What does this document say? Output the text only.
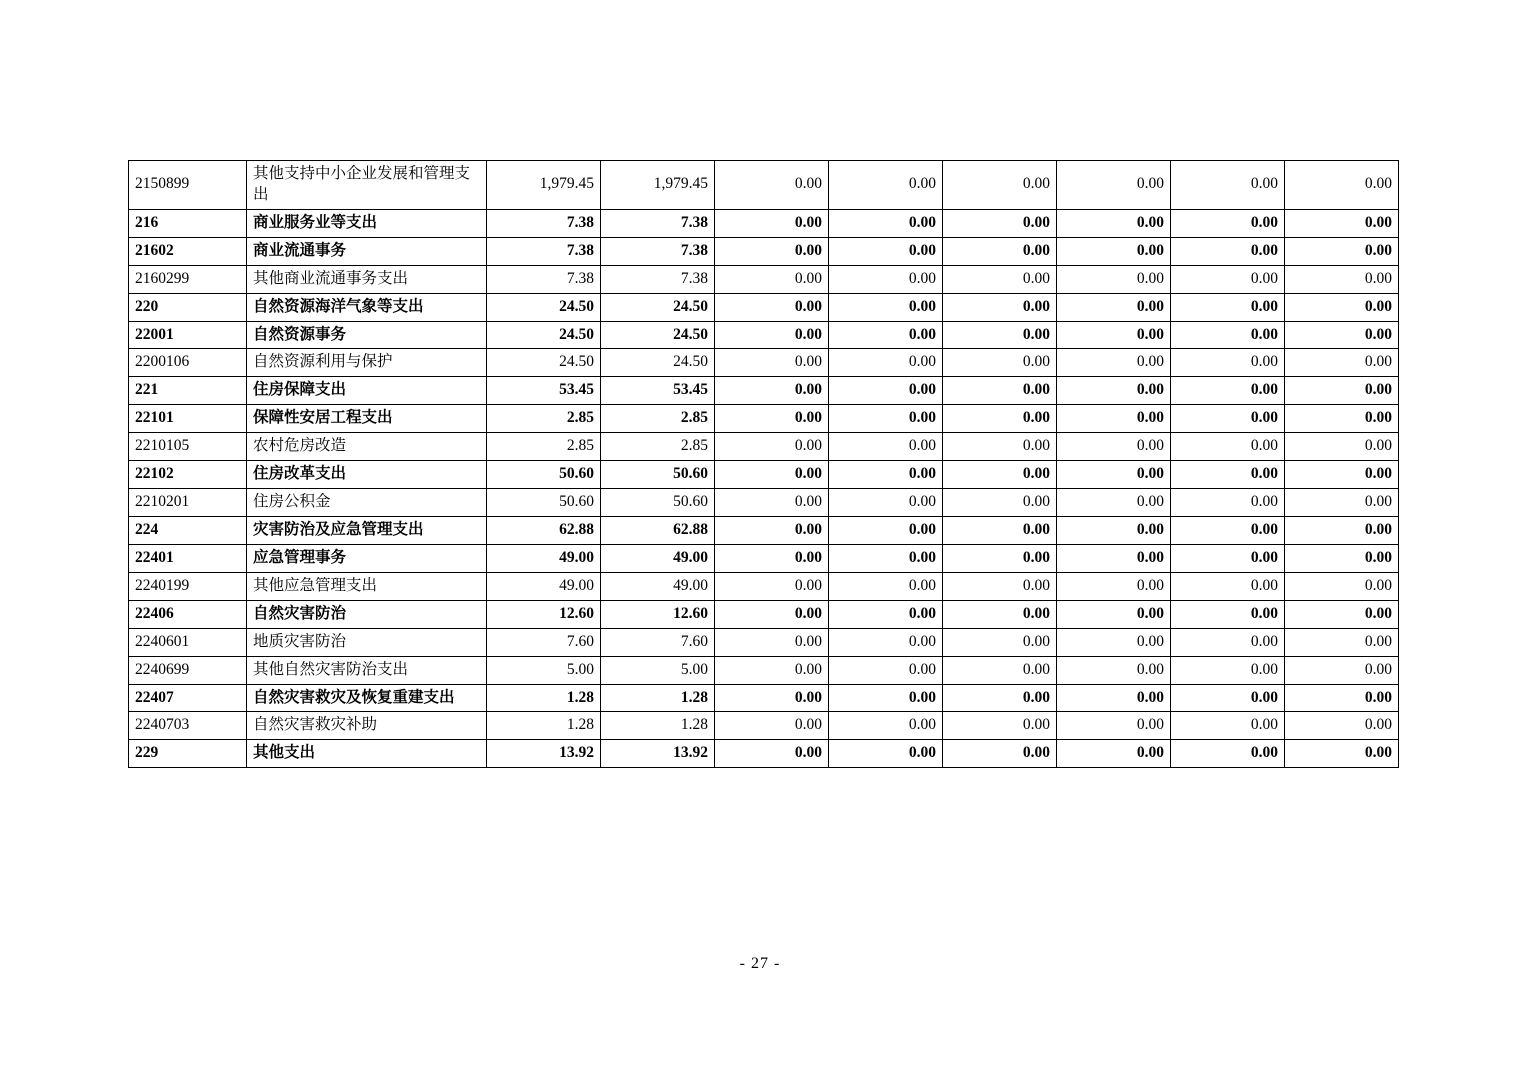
2150899	其他支持中小企业发展和管理支出	1,979.45	1,979.45	0.00	0.00	0.00	0.00	0.00	0.00
216	商业服务业等支出	7.38	7.38	0.00	0.00	0.00	0.00	0.00	0.00
21602	商业流通事务	7.38	7.38	0.00	0.00	0.00	0.00	0.00	0.00
2160299	其他商业流通事务支出	7.38	7.38	0.00	0.00	0.00	0.00	0.00	0.00
220	自然资源海洋气象等支出	24.50	24.50	0.00	0.00	0.00	0.00	0.00	0.00
22001	自然资源事务	24.50	24.50	0.00	0.00	0.00	0.00	0.00	0.00
2200106	自然资源利用与保护	24.50	24.50	0.00	0.00	0.00	0.00	0.00	0.00
221	住房保障支出	53.45	53.45	0.00	0.00	0.00	0.00	0.00	0.00
22101	保障性安居工程支出	2.85	2.85	0.00	0.00	0.00	0.00	0.00	0.00
2210105	农村危房改造	2.85	2.85	0.00	0.00	0.00	0.00	0.00	0.00
22102	住房改革支出	50.60	50.60	0.00	0.00	0.00	0.00	0.00	0.00
2210201	住房公积金	50.60	50.60	0.00	0.00	0.00	0.00	0.00	0.00
224	灾害防治及应急管理支出	62.88	62.88	0.00	0.00	0.00	0.00	0.00	0.00
22401	应急管理事务	49.00	49.00	0.00	0.00	0.00	0.00	0.00	0.00
2240199	其他应急管理支出	49.00	49.00	0.00	0.00	0.00	0.00	0.00	0.00
22406	自然灾害防治	12.60	12.60	0.00	0.00	0.00	0.00	0.00	0.00
2240601	地质灾害防治	7.60	7.60	0.00	0.00	0.00	0.00	0.00	0.00
2240699	其他自然灾害防治支出	5.00	5.00	0.00	0.00	0.00	0.00	0.00	0.00
22407	自然灾害救灾及恢复重建支出	1.28	1.28	0.00	0.00	0.00	0.00	0.00	0.00
2240703	自然灾害救灾补助	1.28	1.28	0.00	0.00	0.00	0.00	0.00	0.00
229	其他支出	13.92	13.92	0.00	0.00	0.00	0.00	0.00	0.00
- 27 -
